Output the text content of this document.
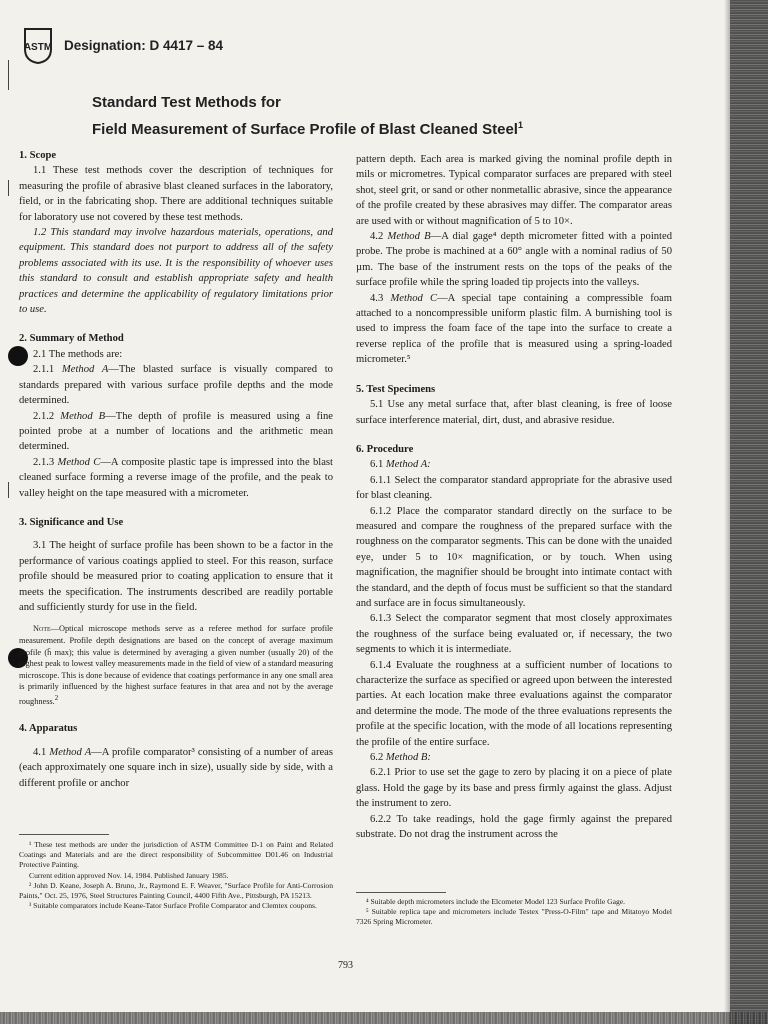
ASTM Designation: D 4417 – 84
Standard Test Methods for
Field Measurement of Surface Profile of Blast Cleaned Steel$^1$
1. Scope

1.1 These test methods cover the description of techniques for measuring the profile of abrasive blast cleaned surfaces in the laboratory, field, or in the fabricating shop. There are additional techniques suitable for laboratory use not covered by these test methods.

1.2 This standard may involve hazardous materials, operations, and equipment. This standard does not purport to address all of the safety problems associated with its use. It is the responsibility of whoever uses this standard to consult and establish appropriate safety and health practices and determine the applicability of regulatory limitations prior to use.

2. Summary of Method

2.1 The methods are:

2.1.1 Method A—The blasted surface is visually compared to standards prepared with various surface profile depths and the mode determined.

2.1.2 Method B—The depth of profile is measured using a fine pointed probe at a number of locations and the arithmetic mean determined.

2.1.3 Method C—A composite plastic tape is impressed into the blast cleaned surface forming a reverse image of the profile, and the peak to valley height on the tape measured with a micrometer.

3. Significance and Use

3.1 The height of surface profile has been shown to be a factor in the performance of various coatings applied to steel. For this reason, surface profile should be measured prior to coating application to ensure that it meets the specification. The instruments described are readily portable and sufficiently sturdy for use in the field.

Note—Optical microscope methods serve as a referee method for surface profile measurement. Profile depth designations are based on the concept of average maximum profile (h̄ max); this value is determined by averaging a given number (usually 20) of the highest peak to lowest valley measurements made in the field of view of a standard measuring microscope. This is done because of evidence that coatings performance in any one small area is primarily influenced by the highest surface features in that area and not by the average roughness.$^2$

4. Apparatus

4.1 Method A—A profile comparator³ consisting of a number of areas (each approximately one square inch in size), usually side by side, with a different profile or anchor

pattern depth. Each area is marked giving the nominal profile depth in mils or micrometres. Typical comparator surfaces are prepared with steel shot, steel grit, or sand or other nonmetallic abrasive, since the appearance of the profile created by these abrasives may differ. The comparator areas are used with or without magnification of 5 to 10×.

4.2 Method B—A dial gage⁴ depth micrometer fitted with a pointed probe. The probe is machined at a 60° angle with a nominal radius of 50 µm. The base of the instrument rests on the tops of the peaks of the surface profile while the spring loaded tip projects into the valleys.

4.3 Method C—A special tape containing a compressible foam attached to a noncompressible uniform plastic film. A burnishing tool is used to impress the foam face of the tape into the surface to create a reverse replica of the profile that is measured using a spring-loaded micrometer.⁵

5. Test Specimens

5.1 Use any metal surface that, after blast cleaning, is free of loose surface interference material, dirt, dust, and abrasive residue.

6. Procedure

6.1 Method A:

6.1.1 Select the comparator standard appropriate for the abrasive used for blast cleaning.

6.1.2 Place the comparator standard directly on the surface to be measured and compare the roughness of the prepared surface with the roughness on the comparator segments. This can be done with the unaided eye, under 5 to 10× magnification, or by touch. When using magnification, the magnifier should be brought into intimate contact with the standard, and the depth of focus must be sufficient so that the standard and surface are in focus simultaneously.

6.1.3 Select the comparator segment that most closely approximates the roughness of the surface being evaluated or, if necessary, the two segments to which it is intermediate.

6.1.4 Evaluate the roughness at a sufficient number of locations to characterize the surface as specified or agreed upon between the interested parties. At each location make three evaluations against the comparator and determine the mode. The mode of the three evaluations represents the profile at the specific location, with the mode of all locations representing the profile of the entire surface.

6.2 Method B:

6.2.1 Prior to use set the gage to zero by placing it on a piece of plate glass. Hold the gage by its base and press firmly against the glass. Adjust the instrument to zero.

6.2.2 To take readings, hold the gage firmly against the prepared substrate. Do not drag the instrument across the

¹ These test methods are under the jurisdiction of ASTM Committee D-1 on Paint and Related Coatings and Materials and are the direct responsibility of Subcommittee D01.46 on Industrial Protective Painting.

Current edition approved Nov. 14, 1984. Published January 1985.

² John D. Keane, Joseph A. Bruno, Jr., Raymond E. F. Weaver, "Surface Profile for Anti-Corrosion Paints," Oct. 25, 1976, Steel Structures Painting Council, 4400 Fifth Ave., Pittsburgh, PA 15213.

³ Suitable comparators include Keane-Tator Surface Profile Comparator and Clemtex coupons.	⁴ Suitable depth micrometers include the Elcometer Model 123 Surface Profile Gage.

⁵ Suitable replica tape and micrometers include Testex "Press-O-Film" tape and Mitatoyo Model 7326 Spring Micrometer.

793
